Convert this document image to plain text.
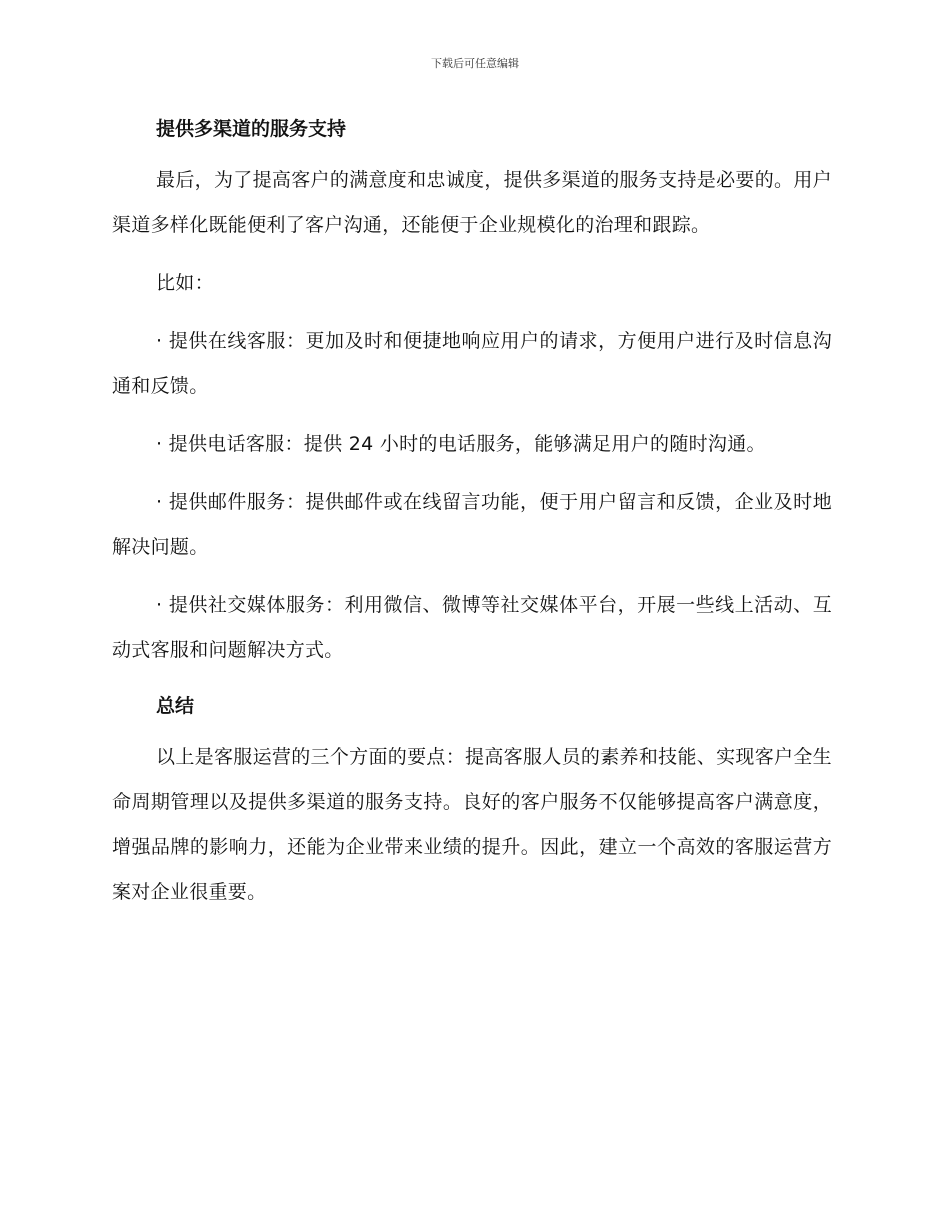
下载后可任意编辑
提供多渠道的服务支持

最后，为了提高客户的满意度和忠诚度，提供多渠道的服务支持是必要的。用户渠道多样化既能便利了客户沟通，还能便于企业规模化的治理和跟踪。

比如：

· 提供在线客服：更加及时和便捷地响应用户的请求，方便用户进行及时信息沟通和反馈。

· 提供电话客服：提供 24 小时的电话服务，能够满足用户的随时沟通。

· 提供邮件服务：提供邮件或在线留言功能，便于用户留言和反馈，企业及时地解决问题。

· 提供社交媒体服务：利用微信、微博等社交媒体平台，开展一些线上活动、互动式客服和问题解决方式。

总结

以上是客服运营的三个方面的要点：提高客服人员的素养和技能、实现客户全生命周期管理以及提供多渠道的服务支持。良好的客户服务不仅能够提高客户满意度，增强品牌的影响力，还能为企业带来业绩的提升。因此，建立一个高效的客服运营方案对企业很重要。
